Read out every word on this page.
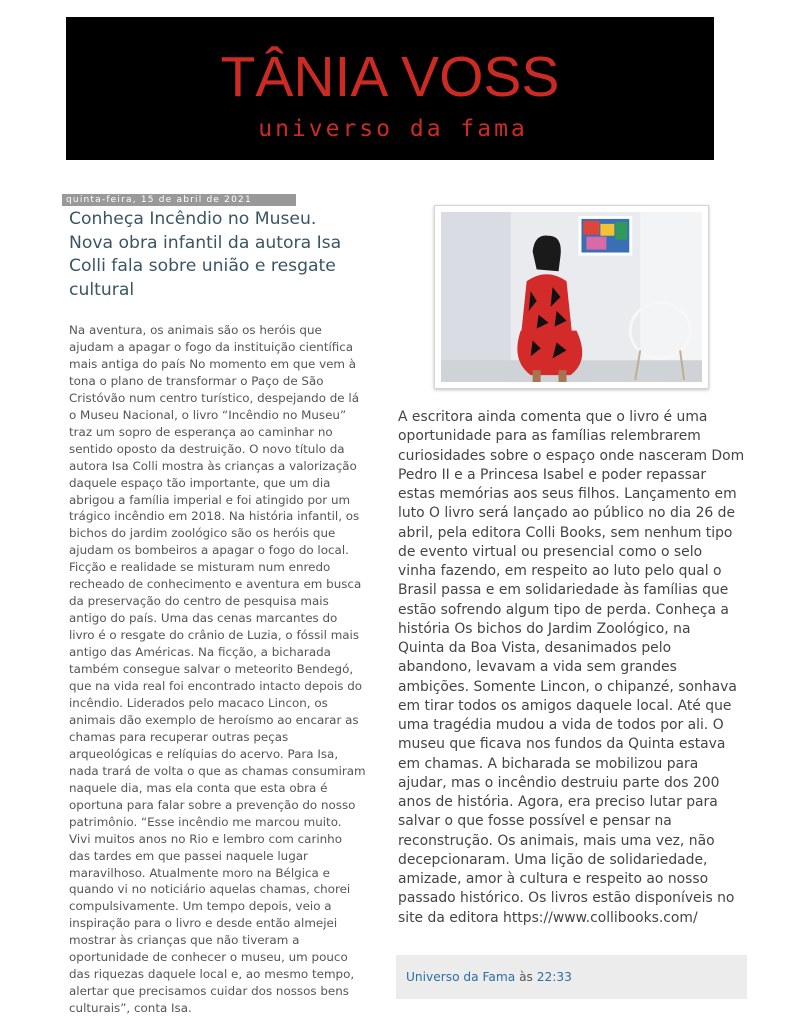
TÂNIA VOSS
universo da fama
quinta-feira, 15 de abril de 2021
Conheça Incêndio no Museu.
Nova obra infantil da autora Isa
Colli fala sobre união e resgate
cultural
Na aventura, os animais são os heróis que
ajudam a apagar o fogo da instituição científica
mais antiga do país No momento em que vem à
tona o plano de transformar o Paço de São
Cristóvão num centro turístico, despejando de lá
o Museu Nacional, o livro “Incêndio no Museu”
traz um sopro de esperança ao caminhar no
sentido oposto da destruição. O novo título da
autora Isa Colli mostra às crianças a valorização
daquele espaço tão importante, que um dia
abrigou a família imperial e foi atingido por um
trágico incêndio em 2018. Na história infantil, os
bichos do jardim zoológico são os heróis que
ajudam os bombeiros a apagar o fogo do local.
Ficção e realidade se misturam num enredo
recheado de conhecimento e aventura em busca
da preservação do centro de pesquisa mais
antigo do país. Uma das cenas marcantes do
livro é o resgate do crânio de Luzia, o fóssil mais
antigo das Américas. Na ficção, a bicharada
também consegue salvar o meteorito Bendegó,
que na vida real foi encontrado intacto depois do
incêndio. Liderados pelo macaco Lincon, os
animais dão exemplo de heroísmo ao encarar as
chamas para recuperar outras peças
arqueológicas e relíquias do acervo. Para Isa,
nada trará de volta o que as chamas consumiram
naquele dia, mas ela conta que esta obra é
oportuna para falar sobre a prevenção do nosso
patrimônio. “Esse incêndio me marcou muito.
Vivi muitos anos no Rio e lembro com carinho
das tardes em que passei naquele lugar
maravilhoso. Atualmente moro na Bélgica e
quando vi no noticiário aquelas chamas, chorei
compulsivamente. Um tempo depois, veio a
inspiração para o livro e desde então almejei
mostrar às crianças que não tiveram a
oportunidade de conhecer o museu, um pouco
das riquezas daquele local e, ao mesmo tempo,
alertar que precisamos cuidar dos nossos bens
culturais”, conta Isa.
A escritora ainda comenta que o livro é uma
oportunidade para as famílias relembrarem
curiosidades sobre o espaço onde nasceram Dom
Pedro II e a Princesa Isabel e poder repassar
estas memórias aos seus filhos. Lançamento em
luto O livro será lançado ao público no dia 26 de
abril, pela editora Colli Books, sem nenhum tipo
de evento virtual ou presencial como o selo
vinha fazendo, em respeito ao luto pelo qual o
Brasil passa e em solidariedade às famílias que
estão sofrendo algum tipo de perda. Conheça a
história Os bichos do Jardim Zoológico, na
Quinta da Boa Vista, desanimados pelo
abandono, levavam a vida sem grandes
ambições. Somente Lincon, o chipanzé, sonhava
em tirar todos os amigos daquele local. Até que
uma tragédia mudou a vida de todos por ali. O
museu que ficava nos fundos da Quinta estava
em chamas. A bicharada se mobilizou para
ajudar, mas o incêndio destruiu parte dos 200
anos de história. Agora, era preciso lutar para
salvar o que fosse possível e pensar na
reconstrução. Os animais, mais uma vez, não
decepcionaram. Uma lição de solidariedade,
amizade, amor à cultura e respeito ao nosso
passado histórico. Os livros estão disponíveis no
site da editora https://www.collibooks.com/
Universo da Fama às 22:33
